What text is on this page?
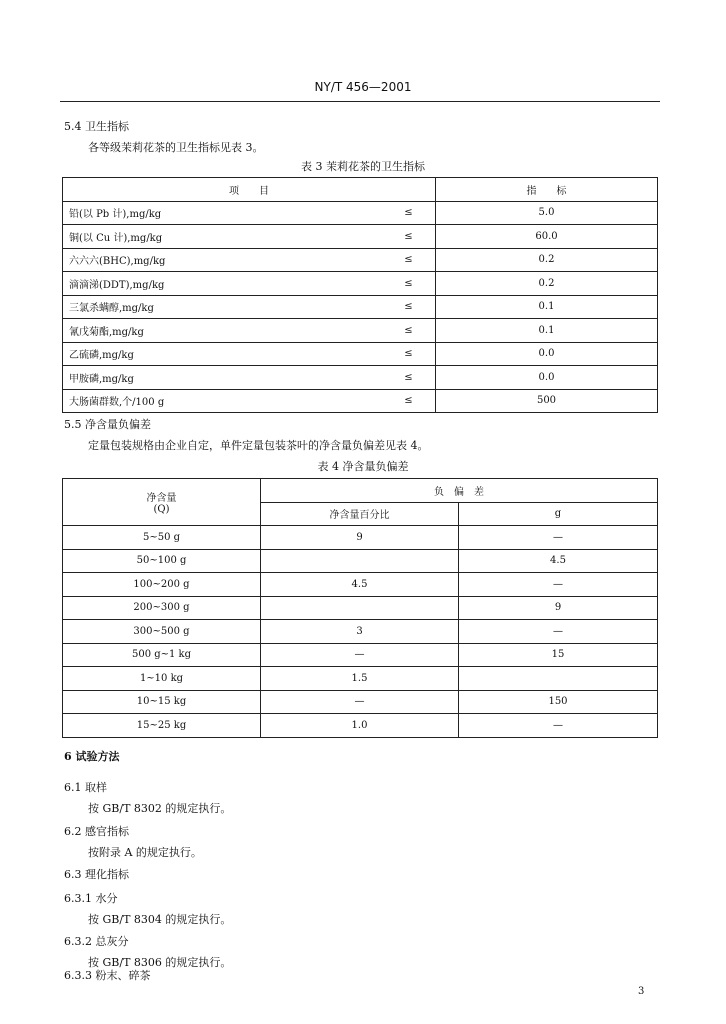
NY/T 456—2001
5.4 卫生指标
各等级茉莉花茶的卫生指标见表 3。
表 3 茉莉花茶的卫生指标
项　　目		指　　标
铅(以 Pb 计),mg/kg	≤	5.0
铜(以 Cu 计),mg/kg	≤	60.0
六六六(BHC),mg/kg	≤	0.2
滴滴涕(DDT),mg/kg	≤	0.2
三氯杀螨醇,mg/kg	≤	0.1
氰戊菊酯,mg/kg	≤	0.1
乙硫磷,mg/kg	≤	0.0
甲胺磷,mg/kg	≤	0.0
大肠菌群数,个/100 g	≤	500
5.5 净含量负偏差
定量包装规格由企业自定，单件定量包装茶叶的净含量负偏差见表 4。
表 4 净含量负偏差
净含量
(Q)	负　偏　差	
	净含量百分比	g
5~50 g	9	—
50~100 g		4.5
100~200 g	4.5	—
200~300 g		9
300~500 g	3	—
500 g~1 kg	—	15
1~10 kg	1.5	
10~15 kg	—	150
15~25 kg	1.0	—
6 试验方法
6.1 取样
按 GB/T 8302 的规定执行。
6.2 感官指标
按附录 A 的规定执行。
6.3 理化指标
6.3.1 水分
按 GB/T 8304 的规定执行。
6.3.2 总灰分
按 GB/T 8306 的规定执行。
6.3.3 粉末、碎茶
3
